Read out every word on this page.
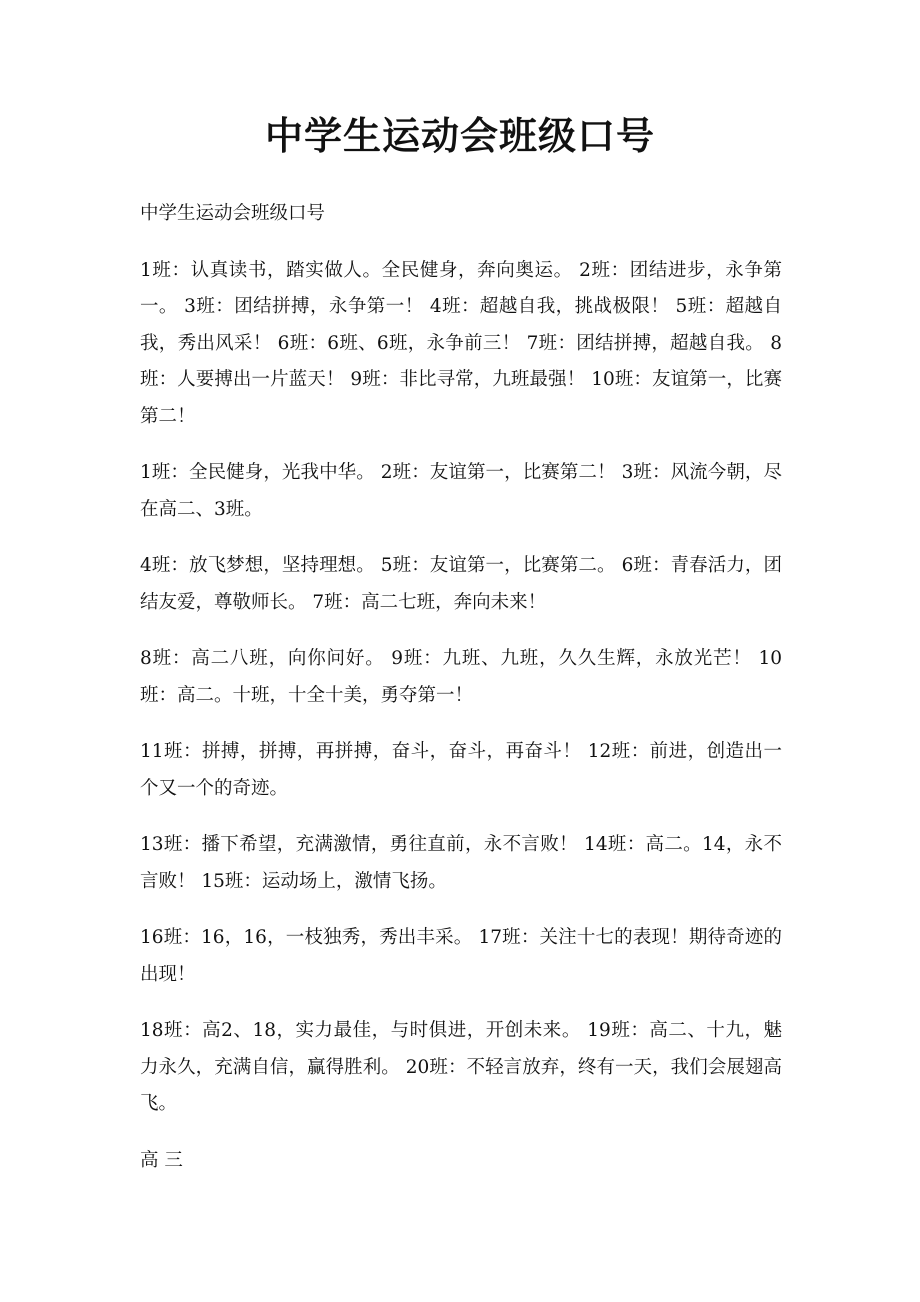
中学生运动会班级口号

中学生运动会班级口号

1班：认真读书，踏实做人。全民健身，奔向奥运。 2班：团结进步，永争第一。 3班：团结拼搏，永争第一！ 4班：超越自我，挑战极限！ 5班：超越自我，秀出风采！ 6班：6班、6班，永争前三！ 7班：团结拼搏，超越自我。 8班：人要搏出一片蓝天！ 9班：非比寻常，九班最强！ 10班：友谊第一，比赛第二！

1班：全民健身，光我中华。 2班：友谊第一，比赛第二！ 3班：风流今朝，尽在高二、3班。

4班：放飞梦想，坚持理想。 5班：友谊第一，比赛第二。 6班：青春活力，团结友爱，尊敬师长。 7班：高二七班，奔向未来！

8班：高二八班，向你问好。 9班：九班、九班，久久生辉，永放光芒！ 10班：高二。十班，十全十美，勇夺第一！

11班：拼搏，拼搏，再拼搏，奋斗，奋斗，再奋斗！ 12班：前进，创造出一个又一个的奇迹。

13班：播下希望，充满激情，勇往直前，永不言败！ 14班：高二。14，永不言败！ 15班：运动场上，激情飞扬。

16班：16，16，一枝独秀，秀出丰采。 17班：关注十七的表现！期待奇迹的出现！

18班：高2、18，实力最佳，与时俱进，开创未来。 19班：高二、十九，魅力永久，充满自信，赢得胜利。 20班：不轻言放弃，终有一天，我们会展翅高飞。

高 三
